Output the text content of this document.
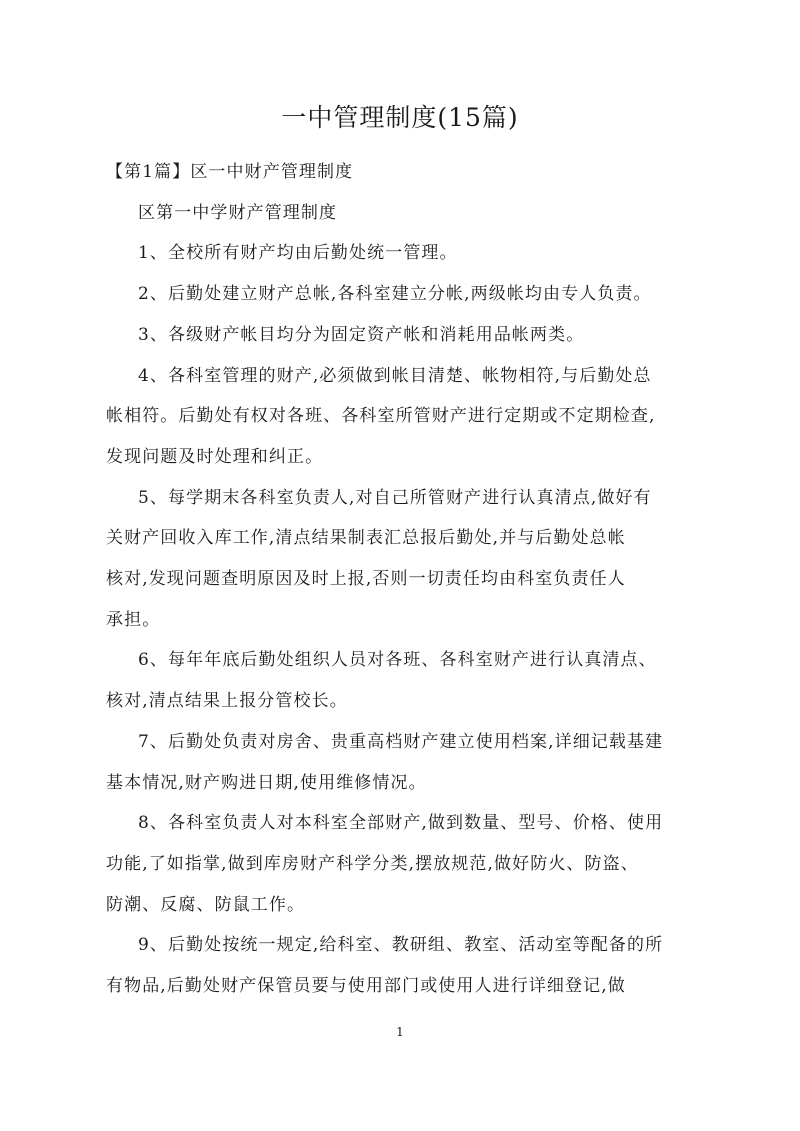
一中管理制度(15篇)

【第1篇】区一中财产管理制度

区第一中学财产管理制度

1、全校所有财产均由后勤处统一管理。

2、后勤处建立财产总帐,各科室建立分帐,两级帐均由专人负责。

3、各级财产帐目均分为固定资产帐和消耗用品帐两类。

4、各科室管理的财产,必须做到帐目清楚、帐物相符,与后勤处总

帐相符。后勤处有权对各班、各科室所管财产进行定期或不定期检查,

发现问题及时处理和纠正。

5、每学期末各科室负责人,对自己所管财产进行认真清点,做好有

关财产回收入库工作,清点结果制表汇总报后勤处,并与后勤处总帐

核对,发现问题查明原因及时上报,否则一切责任均由科室负责任人

承担。

6、每年年底后勤处组织人员对各班、各科室财产进行认真清点、

核对,清点结果上报分管校长。

7、后勤处负责对房舍、贵重高档财产建立使用档案,详细记载基建

基本情况,财产购进日期,使用维修情况。

8、各科室负责人对本科室全部财产,做到数量、型号、价格、使用

功能,了如指掌,做到库房财产科学分类,摆放规范,做好防火、防盗、

防潮、反腐、防鼠工作。

9、后勤处按统一规定,给科室、教研组、教室、活动室等配备的所

有物品,后勤处财产保管员要与使用部门或使用人进行详细登记,做

1
